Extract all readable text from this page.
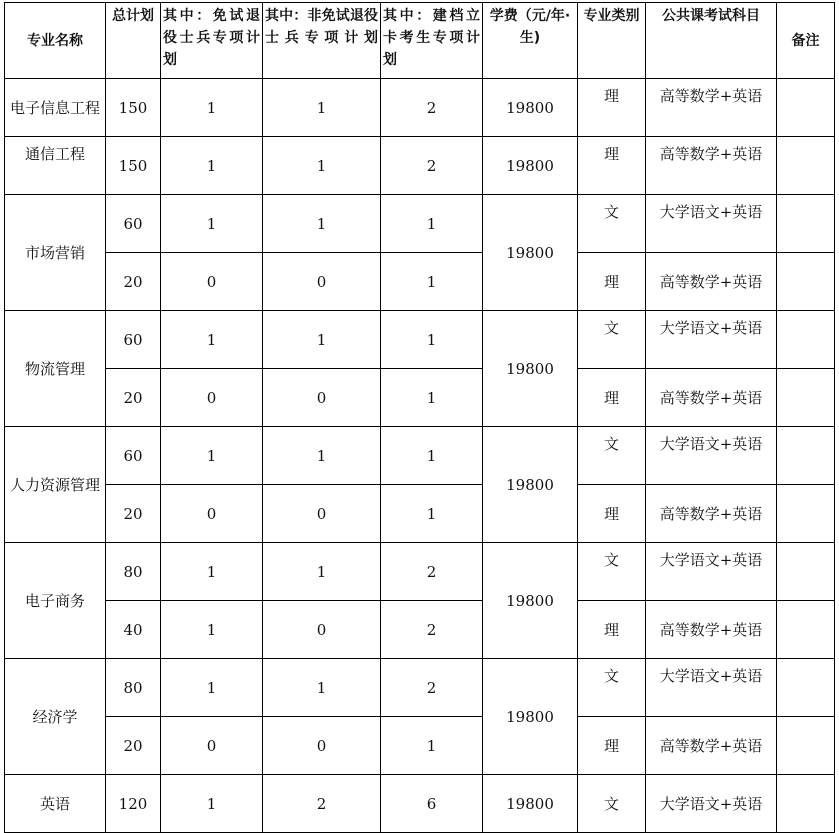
专业名称	总计划	其中：免试退役士兵专项计划	其中：非免试退役士兵专项计划	其中：建档立卡考生专项计划	学费（元/年·生)	专业类别	公共课考试科目	备注
电子信息工程	150	1	1	2	19800	理	高等数学+英语	
通信工程	150	1	1	2	19800	理	高等数学+英语	
市场营销	60	1	1	1	19800	文	大学语文+英语	
	20	0	0	1		理	高等数学+英语	
物流管理	60	1	1	1	19800	文	大学语文+英语	
	20	0	0	1		理	高等数学+英语	
人力资源管理	60	1	1	1	19800	文	大学语文+英语	
	20	0	0	1		理	高等数学+英语	
电子商务	80	1	1	2	19800	文	大学语文+英语	
	40	1	0	2		理	高等数学+英语	
经济学	80	1	1	2	19800	文	大学语文+英语	
	20	0	0	1		理	高等数学+英语	
英语	120	1	2	6	19800	文	大学语文+英语	
